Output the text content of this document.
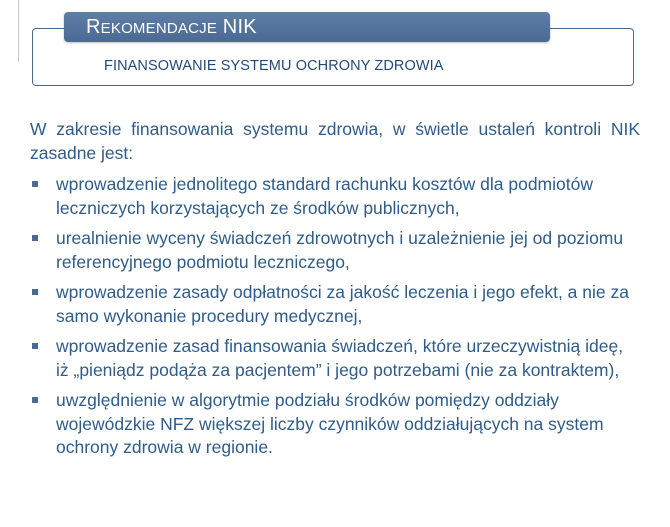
REKOMENDACJE NIK
FINANSOWANIE SYSTEMU OCHRONY ZDROWIA

W zakresie finansowania systemu zdrowia, w świetle ustaleń kontroli NIK zasadne jest:

wprowadzenie jednolitego standard rachunku kosztów dla podmiotów leczniczych korzystających ze środków publicznych,
urealnienie wyceny świadczeń zdrowotnych i uzależnienie jej od poziomu referencyjnego podmiotu leczniczego,
wprowadzenie zasady odpłatności za jakość leczenia i jego efekt, a nie za samo wykonanie procedury medycznej,
wprowadzenie zasad finansowania świadczeń, które urzeczywistnią ideę, iż „pieniądz podąża za pacjentem” i jego potrzebami (nie za kontraktem),
uwzględnienie w algorytmie podziału środków pomiędzy oddziały wojewódzkie NFZ większej liczby czynników oddziałujących na system ochrony zdrowia w regionie.
